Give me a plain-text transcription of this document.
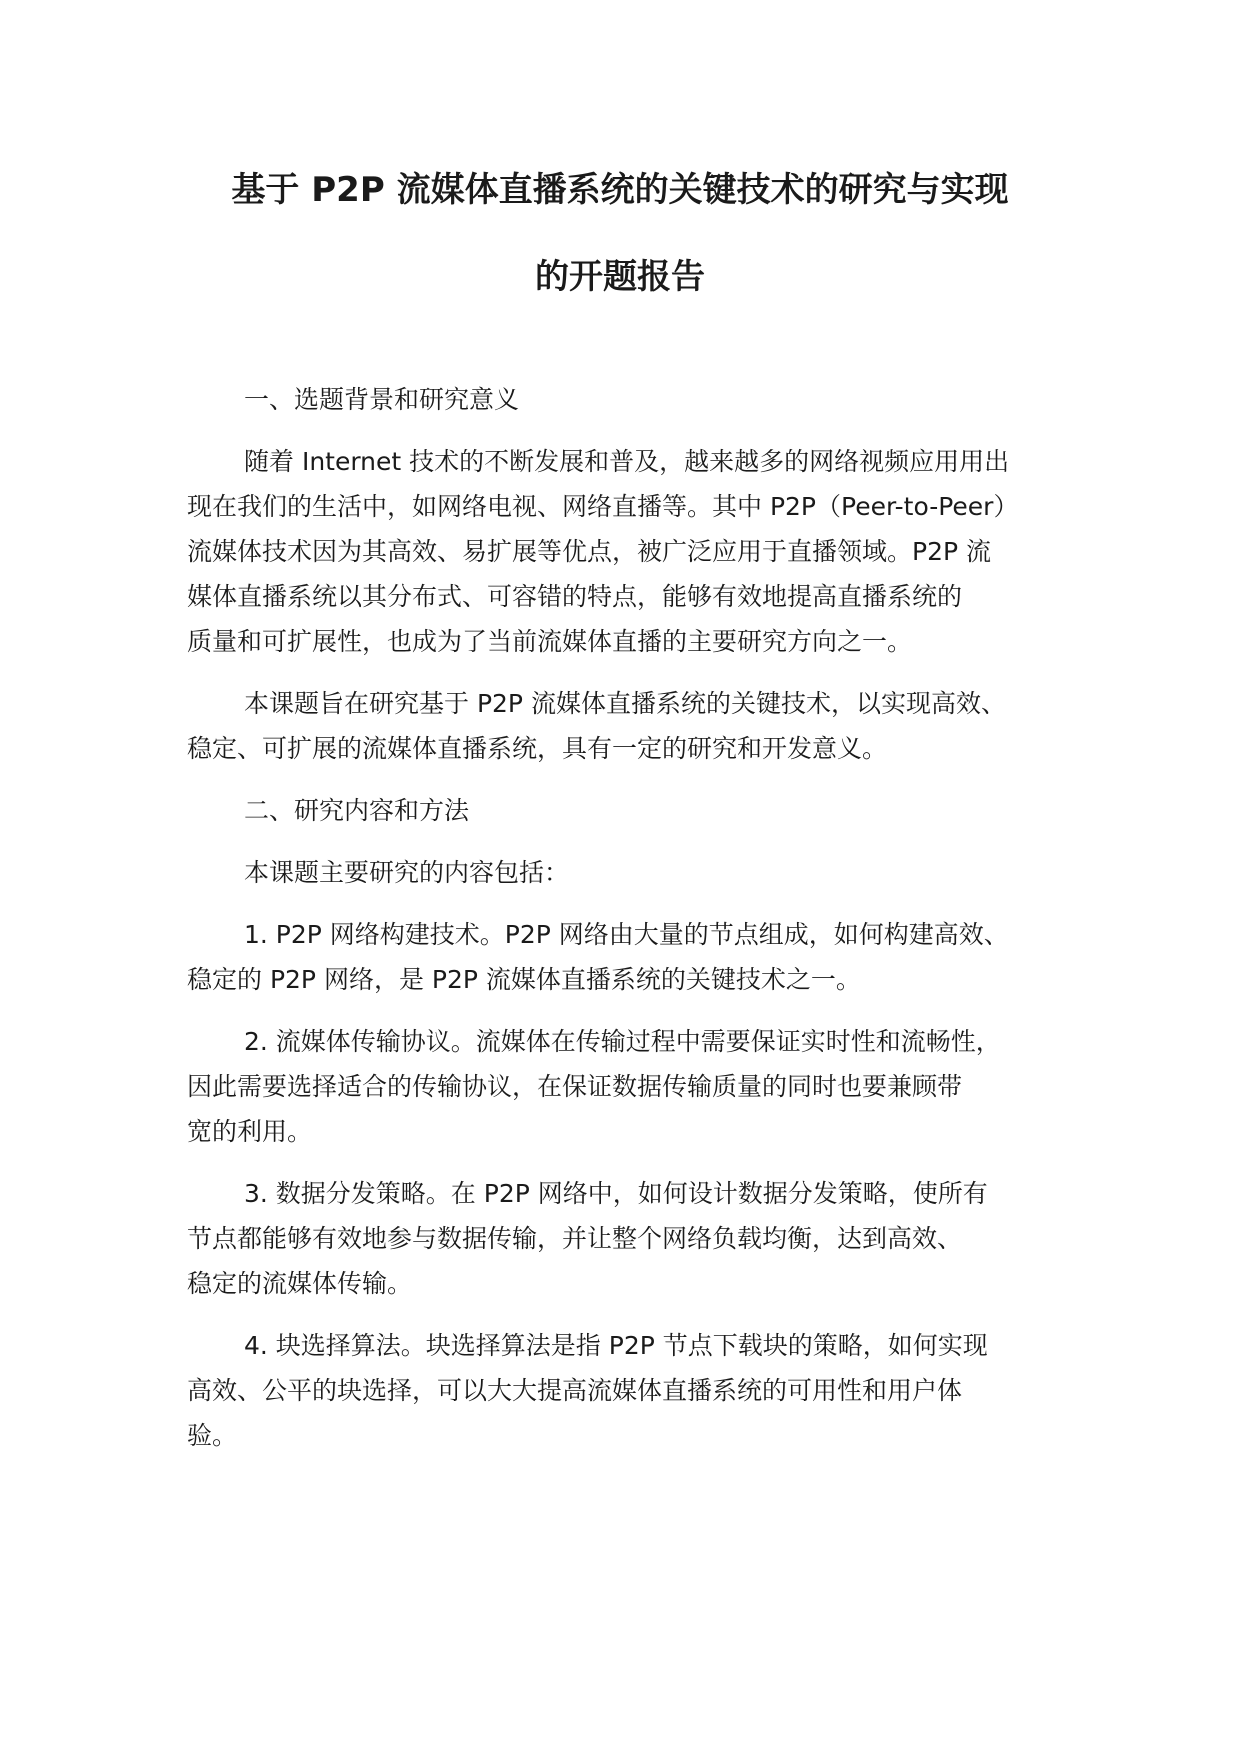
基于 P2P 流媒体直播系统的关键技术的研究与实现

的开题报告

一、选题背景和研究意义

随着 Internet 技术的不断发展和普及，越来越多的网络视频应用用出
现在我们的生活中，如网络电视、网络直播等。其中 P2P（Peer-to-Peer）
流媒体技术因为其高效、易扩展等优点，被广泛应用于直播领域。P2P 流
媒体直播系统以其分布式、可容错的特点，能够有效地提高直播系统的
质量和可扩展性，也成为了当前流媒体直播的主要研究方向之一。

本课题旨在研究基于 P2P 流媒体直播系统的关键技术，以实现高效、
稳定、可扩展的流媒体直播系统，具有一定的研究和开发意义。

二、研究内容和方法

本课题主要研究的内容包括：

1. P2P 网络构建技术。P2P 网络由大量的节点组成，如何构建高效、
稳定的 P2P 网络，是 P2P 流媒体直播系统的关键技术之一。

2. 流媒体传输协议。流媒体在传输过程中需要保证实时性和流畅性，
因此需要选择适合的传输协议，在保证数据传输质量的同时也要兼顾带
宽的利用。

3. 数据分发策略。在 P2P 网络中，如何设计数据分发策略，使所有
节点都能够有效地参与数据传输，并让整个网络负载均衡，达到高效、
稳定的流媒体传输。

4. 块选择算法。块选择算法是指 P2P 节点下载块的策略，如何实现
高效、公平的块选择，可以大大提高流媒体直播系统的可用性和用户体
验。
